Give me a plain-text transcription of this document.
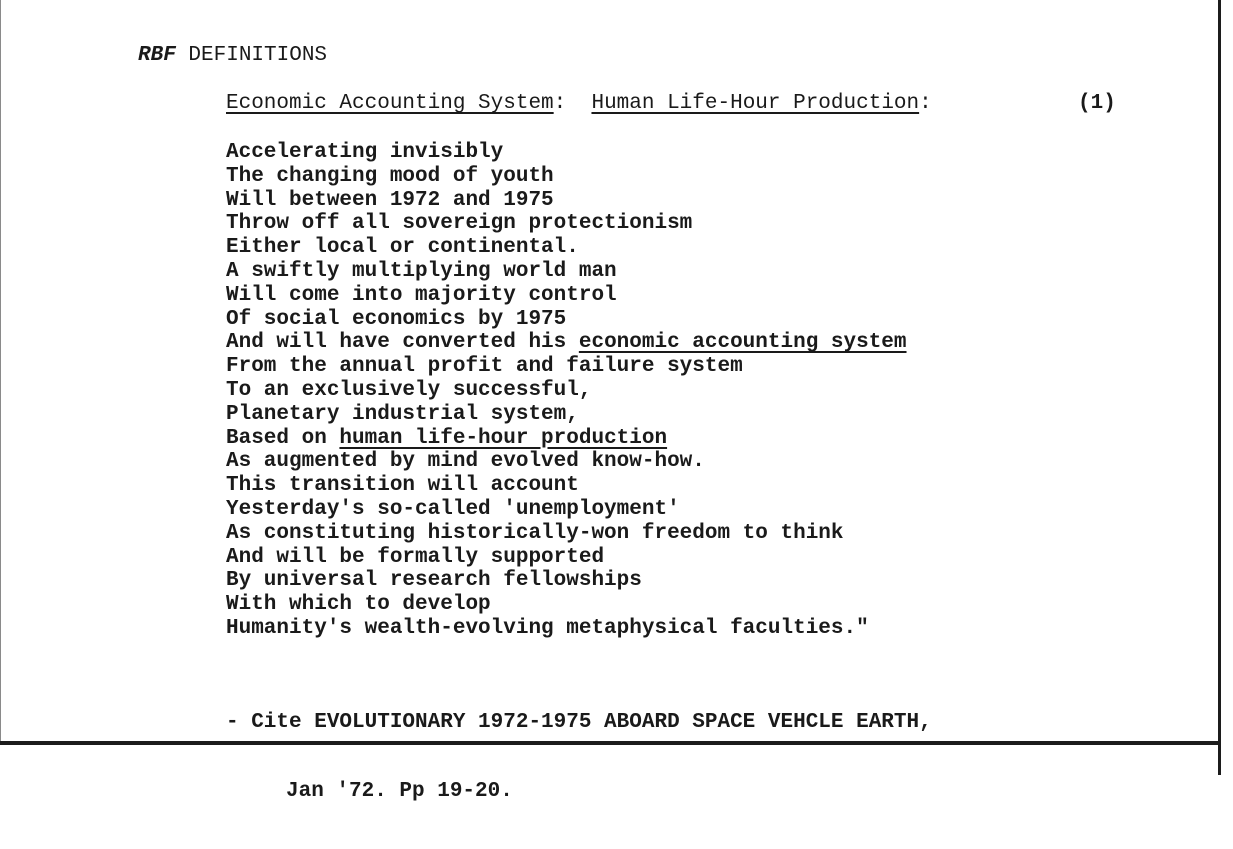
RBF DEFINITIONS
Economic Accounting System:  Human Life-Hour Production:	(1)
Accelerating invisibly
The changing mood of youth
Will between 1972 and 1975
Throw off all sovereign protectionism
Either local or continental.
A swiftly multiplying world man
Will come into majority control
Of social economics by 1975
And will have converted his economic accounting system
From the annual profit and failure system
To an exclusively successful,
Planetary industrial system,
Based on human life-hour production
As augmented by mind evolved know-how.
This transition will account
Yesterday's so-called 'unemployment'
As constituting historically-won freedom to think
And will be formally supported
By universal research fellowships
With which to develop
Humanity's wealth-evolving metaphysical faculties."

- Cite EVOLUTIONARY 1972-1975 ABOARD SPACE VEHCLE EARTH,

Jan '72. Pp 19-20.
